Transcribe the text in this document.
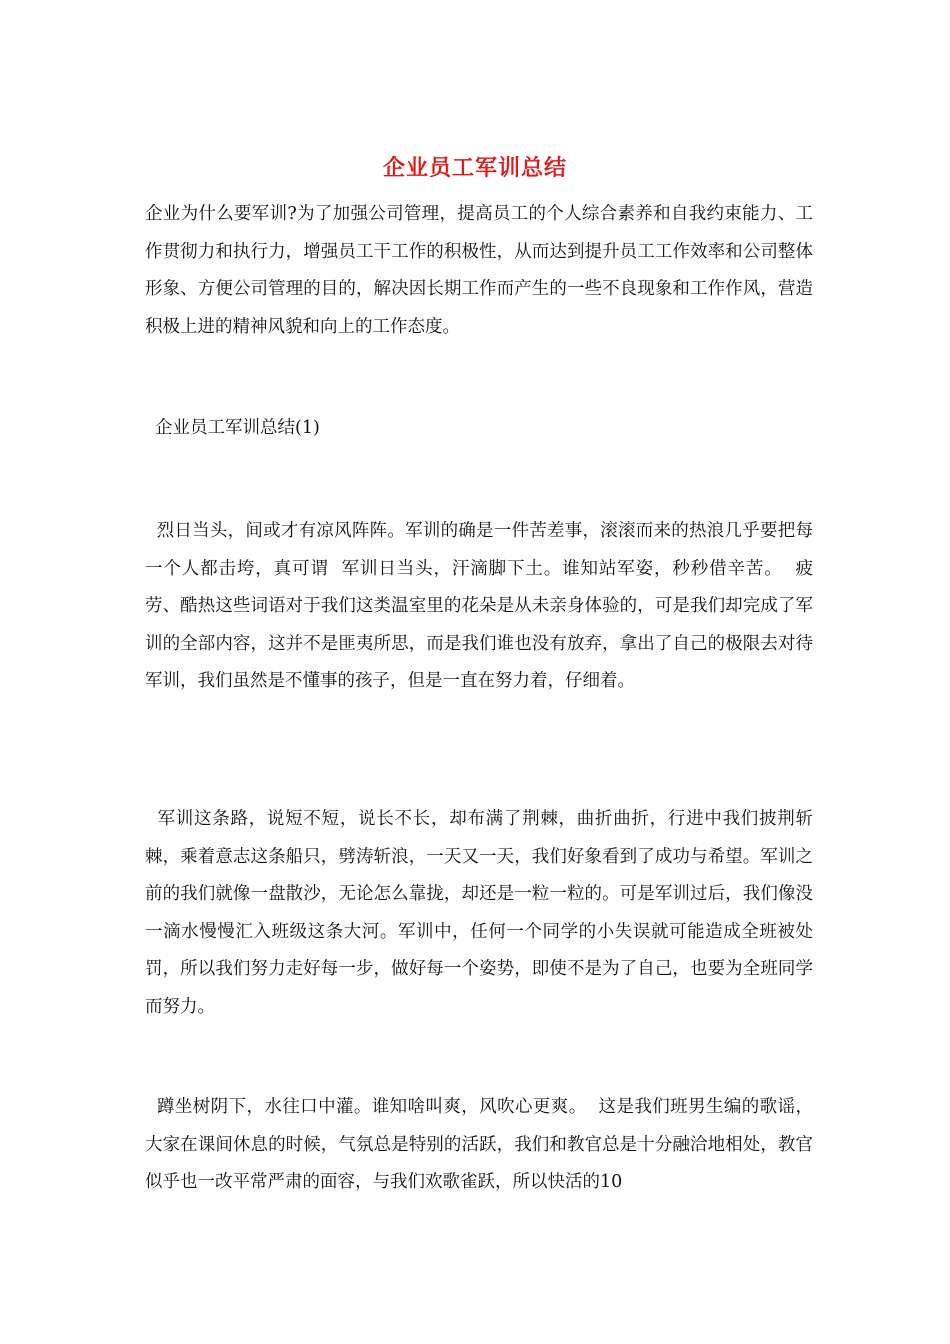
企业员工军训总结

企业为什么要军训?为了加强公司管理，提高员工的个人综合素养和自我约束能力、工作贯彻力和执行力，增强员工干工作的积极性，从而达到提升员工工作效率和公司整体形象、方便公司管理的目的，解决因长期工作而产生的一些不良现象和工作作风，营造积极上进的精神风貌和向上的工作态度。

企业员工军训总结(1)

烈日当头，间或才有凉风阵阵。军训的确是一件苦差事，滚滚而来的热浪几乎要把每一个人都击垮，真可谓  军训日当头，汗滴脚下土。谁知站军姿，秒秒借辛苦。  疲劳、酷热这些词语对于我们这类温室里的花朵是从未亲身体验的，可是我们却完成了军训的全部内容，这并不是匪夷所思，而是我们谁也没有放弃，拿出了自己的极限去对待军训，我们虽然是不懂事的孩子，但是一直在努力着，仔细着。

军训这条路，说短不短，说长不长，却布满了荆棘，曲折曲折，行进中我们披荆斩棘，乘着意志这条船只，劈涛斩浪，一天又一天，我们好象看到了成功与希望。军训之前的我们就像一盘散沙，无论怎么靠拢，却还是一粒一粒的。可是军训过后，我们像没一滴水慢慢汇入班级这条大河。军训中，任何一个同学的小失误就可能造成全班被处罚，所以我们努力走好每一步，做好每一个姿势，即使不是为了自己，也要为全班同学而努力。

蹲坐树阴下，水往口中灌。谁知啥叫爽，风吹心更爽。  这是我们班男生编的歌谣，大家在课间休息的时候，气氛总是特别的活跃，我们和教官总是十分融洽地相处，教官似乎也一改平常严肃的面容，与我们欢歌雀跃，所以快活的10
